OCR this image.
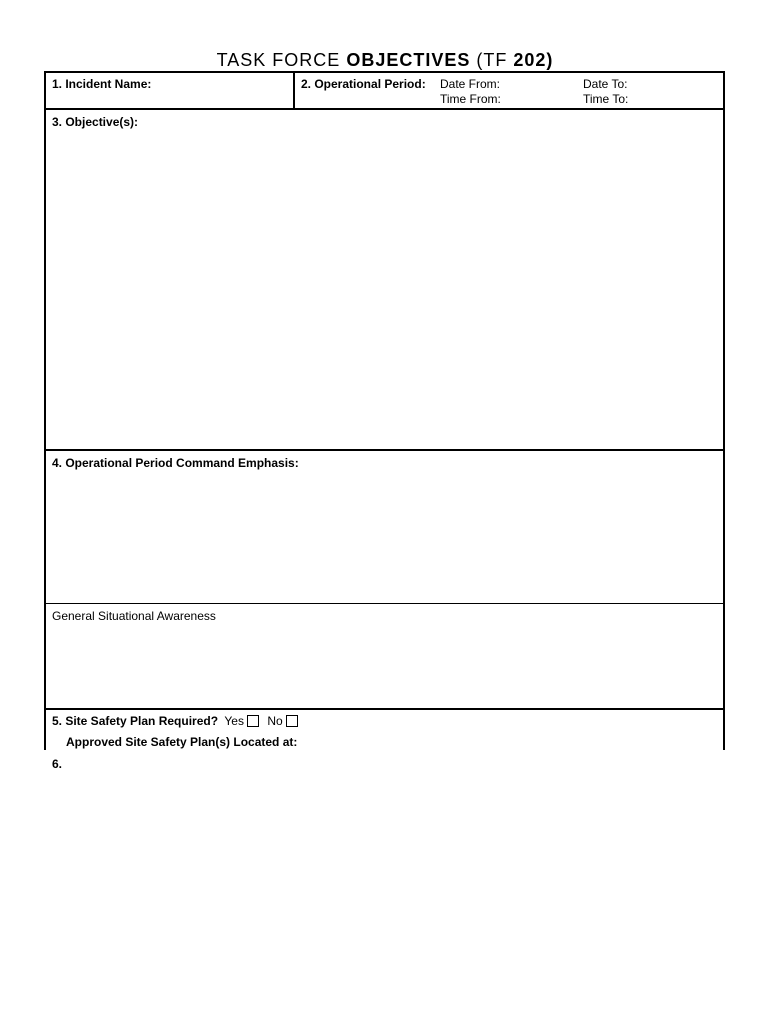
TASK FORCE OBJECTIVES (TF 202)
1. Incident Name:	2. Operational Period: Date From:
Time From:
Date To:
Time To:
3. Objective(s):
4. Operational Period Command Emphasis:
General Situational Awareness
5. Site Safety Plan Required? Yes No
Approved Site Safety Plan(s) Located at:
6.
